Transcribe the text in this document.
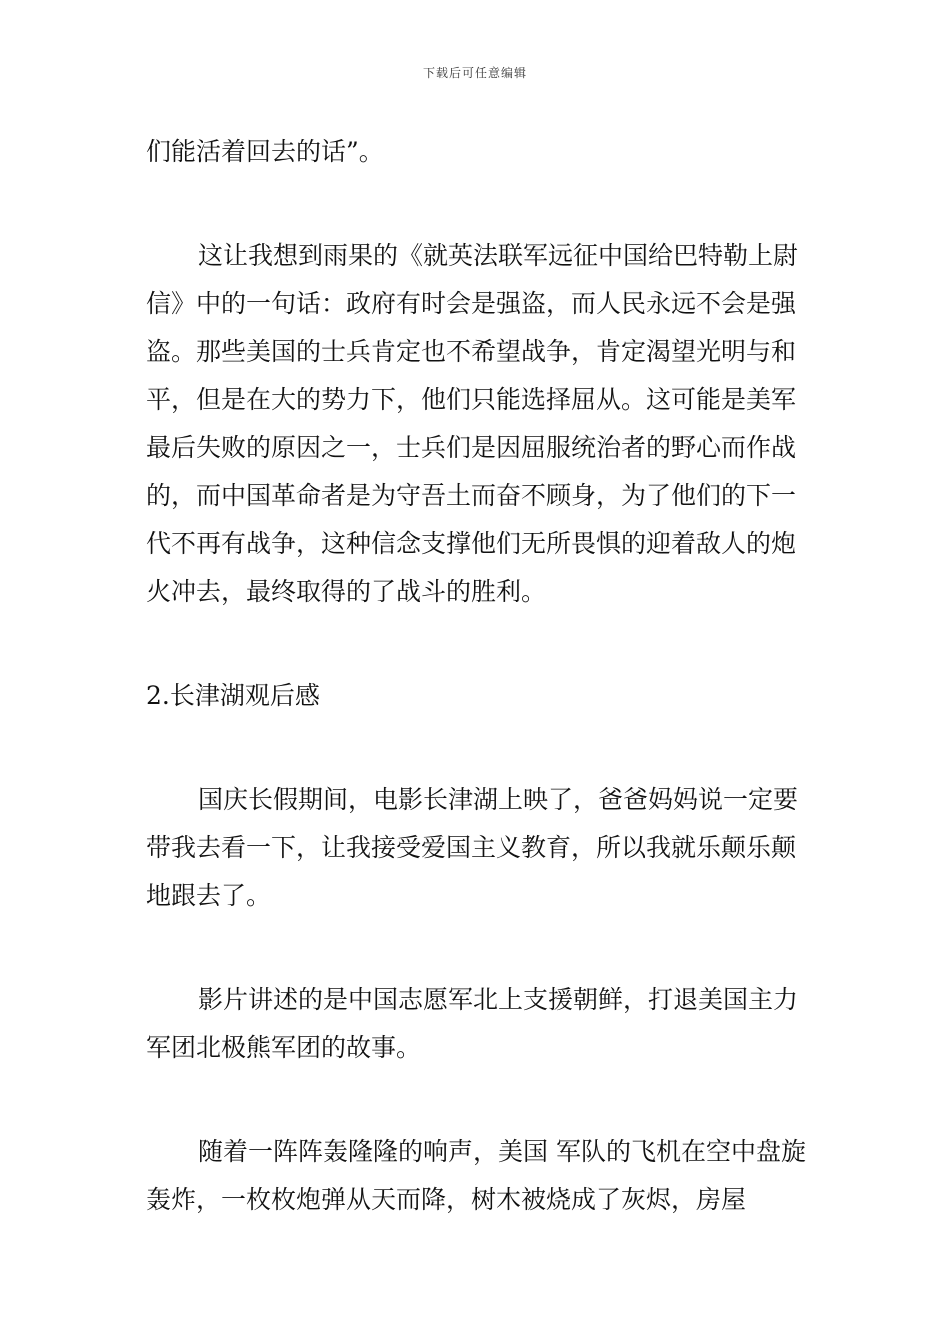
下载后可任意编辑

们能活着回去的话”。

这让我想到雨果的《就英法联军远征中国给巴特勒上尉信》中的一句话：政府有时会是强盗，而人民永远不会是强盗。那些美国的士兵肯定也不希望战争，肯定渴望光明与和平，但是在大的势力下，他们只能选择屈从。这可能是美军最后失败的原因之一，士兵们是因屈服统治者的野心而作战的，而中国革命者是为守吾土而奋不顾身，为了他们的下一代不再有战争，这种信念支撑他们无所畏惧的迎着敌人的炮火冲去，最终取得的了战斗的胜利。

2.长津湖观后感

国庆长假期间，电影长津湖上映了，爸爸妈妈说一定要带我去看一下，让我接受爱国主义教育，所以我就乐颠乐颠地跟去了。

影片讲述的是中国志愿军北上支援朝鲜，打退美国主力军团北极熊军团的故事。

随着一阵阵轰隆隆的响声，美国 军队的飞机在空中盘旋轰炸，一枚枚炮弹从天而降，树木被烧成了灰烬，房屋
